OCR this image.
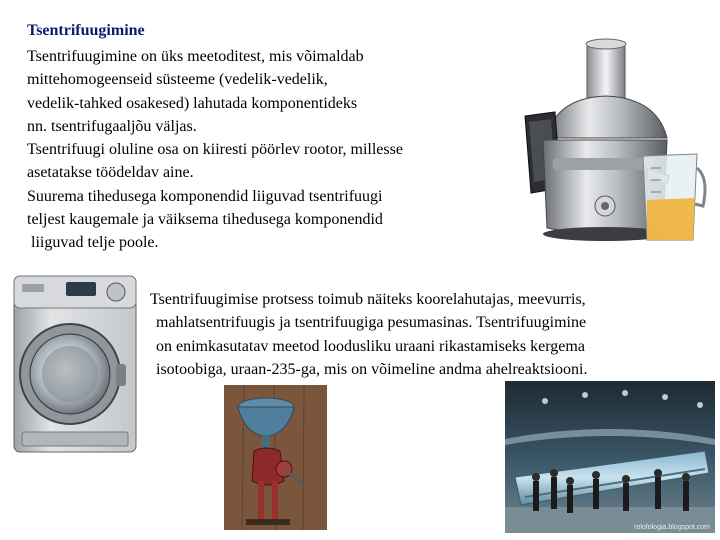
Tsentrifuugimine
Tsentrifuugimine on üks meetoditest, mis võimaldab
mittehomogeenseid süsteeme (vedelik-vedelik,
vedelik-tahked osakesed) lahutada komponentideks
nn. tsentrifugaaljõu väljas.
Tsentrifuugi oluline osa on kiiresti pöörlev rootor, millesse
asetatakse töödeldav aine.
Suurema tihedusega komponendid liiguvad tsentrifuugi
teljest kaugemale ja väiksema tihedusega komponendid
liiguvad telje poole.
Tsentrifuugimise protsess toimub näiteks koorelahutajas, meevurris,
mahlatsentrifuugis ja tsentrifuugiga pesumasinas. Tsentrifuugimine
on enimkasutatav meetod loodusliku uraani rikastamiseks kergema
isotoobiga, uraan-235-ga, mis on võimeline andma ahelreaktsiooni.
rolofologia.blogspot.com
